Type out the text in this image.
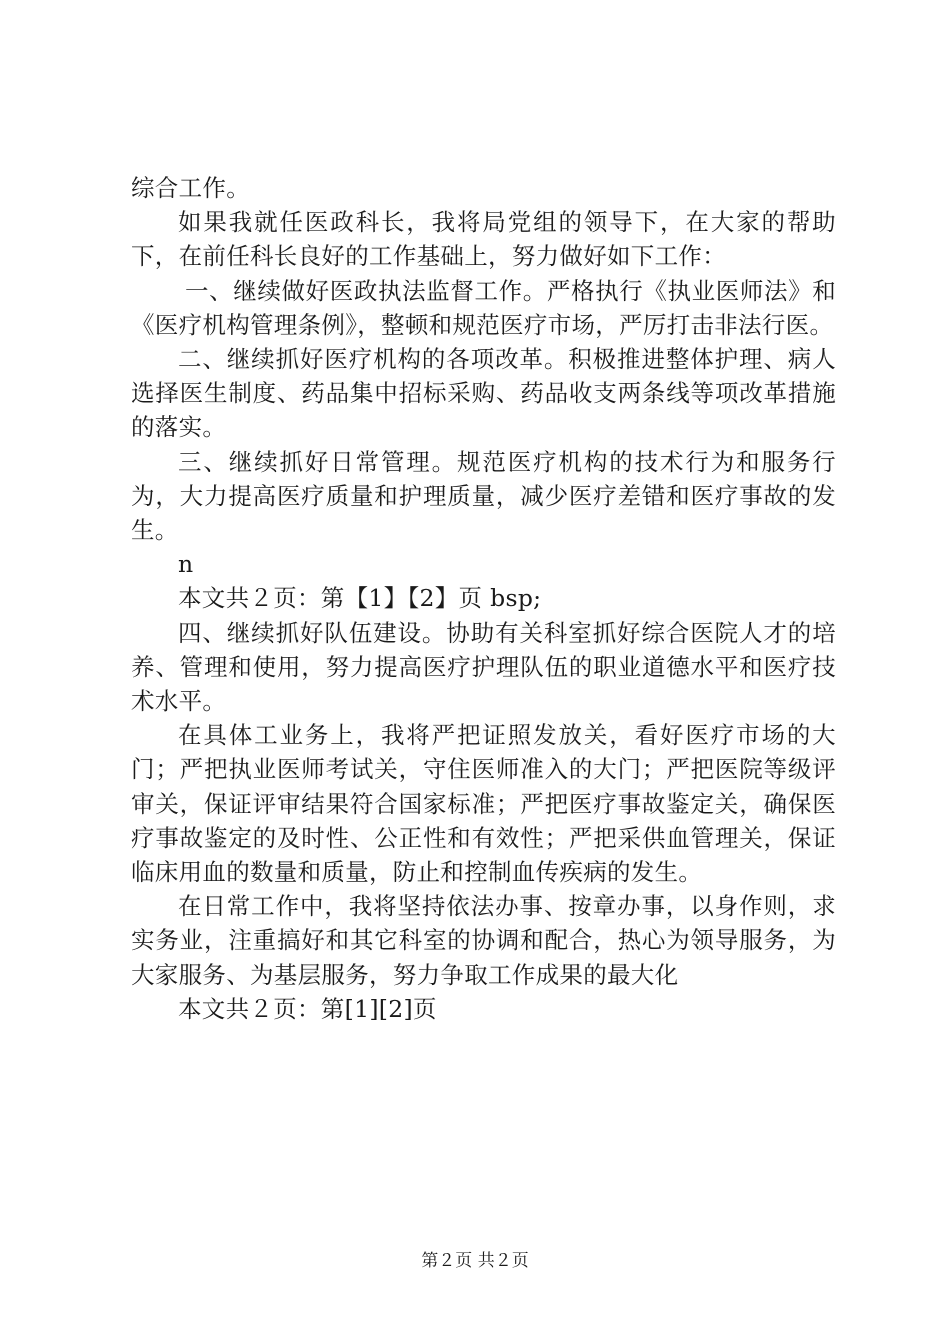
综合工作。

如果我就任医政科长，我将局党组的领导下，在大家的帮助下，在前任科长良好的工作基础上，努力做好如下工作：

一、继续做好医政执法监督工作。严格执行《执业医师法》和《医疗机构管理条例》，整顿和规范医疗市场，严厉打击非法行医。

二、继续抓好医疗机构的各项改革。积极推进整体护理、病人选择医生制度、药品集中招标采购、药品收支两条线等项改革措施的落实。

三、继续抓好日常管理。规范医疗机构的技术行为和服务行为，大力提高医疗质量和护理质量，减少医疗差错和医疗事故的发生。

n

本文共２页：第【1】【2】页 bsp;

四、继续抓好队伍建设。协助有关科室抓好综合医院人才的培养、管理和使用，努力提高医疗护理队伍的职业道德水平和医疗技术水平。

在具体工业务上，我将严把证照发放关，看好医疗市场的大门；严把执业医师考试关，守住医师准入的大门；严把医院等级评审关，保证评审结果符合国家标准；严把医疗事故鉴定关，确保医疗事故鉴定的及时性、公正性和有效性；严把采供血管理关，保证临床用血的数量和质量，防止和控制血传疾病的发生。

在日常工作中，我将坚持依法办事、按章办事，以身作则，求实务业，注重搞好和其它科室的协调和配合，热心为领导服务，为大家服务、为基层服务，努力争取工作成果的最大化

本文共２页：第[1][2]页

第２页 共２页
